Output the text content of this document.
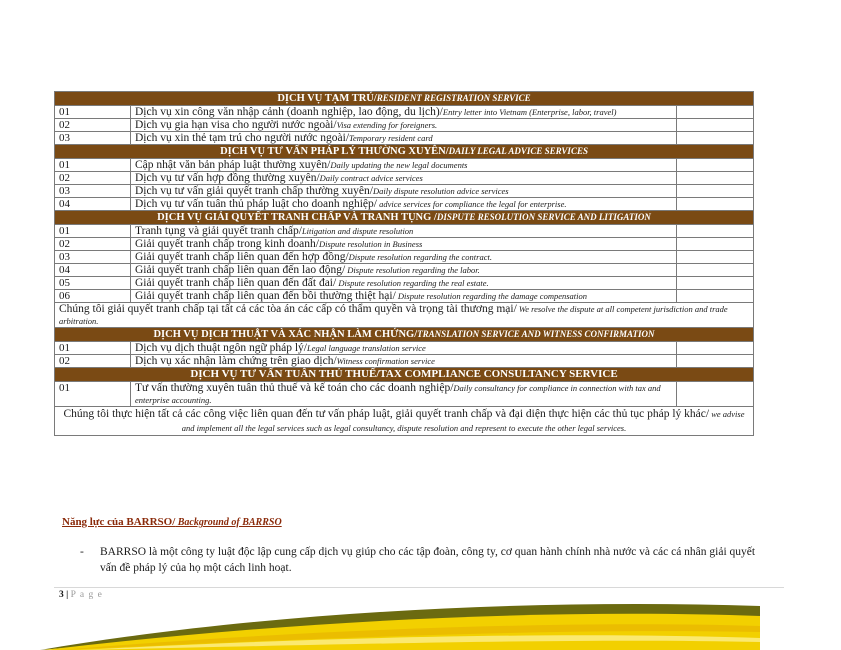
DỊCH VỤ TẠM TRÚ/RESIDENT REGISTRATION SERVICE		
01	Dịch vụ xin công văn nhập cảnh (doanh nghiệp, lao động, du lịch)/Entry letter into Vietnam (Enterprise, labor, travel)	
02	Dịch vụ gia hạn visa cho người nước ngoài/Visa extending for foreigners.	
03	Dịch vụ xin thẻ tạm trú cho người nước ngoài/Temporary resident card	
DỊCH VỤ TƯ VẤN PHÁP LÝ THƯỜNG XUYÊN/DAILY LEGAL ADVICE SERVICES		
01	Cập nhật văn bản pháp luật thường xuyên/Daily updating the new legal documents	
02	Dịch vụ tư vấn hợp đồng thường xuyên/Daily contract advice services	
03	Dịch vụ tư vấn giải quyết tranh chấp thường xuyên/Daily dispute resolution advice services	
04	Dịch vụ tư vấn tuân thủ pháp luật cho doanh nghiệp/ advice services for compliance the legal for enterprise.	
DỊCH VỤ GIẢI QUYẾT TRANH CHẤP VÀ TRANH TỤNG /DISPUTE RESOLUTION SERVICE AND LITIGATION		
01	Tranh tụng và giải quyết tranh chấp/Litigation and dispute resolution	
02	Giải quyết tranh chấp trong kinh doanh/Dispute resolution in Business	
03	Giải quyết tranh chấp liên quan đến hợp đồng/Dispute resolution regarding the contract.	
04	Giải quyết tranh chấp liên quan đến lao động/ Dispute resolution regarding the labor.	
05	Giải quyết tranh chấp liên quan đến đất đai/ Dispute resolution regarding the real estate.	
06	Giải quyết tranh chấp liên quan đến bồi thường thiệt hại/ Dispute resolution regarding the damage compensation	
Chúng tôi giải quyết tranh chấp tại tất cả các tòa án các cấp có thẩm quyền và trọng tài thương mại/ We resolve the dispute at all competent jurisdiction and trade arbitration.		
DỊCH VỤ DỊCH THUẬT VÀ XÁC NHẬN LÀM CHỨNG/TRANSLATION SERVICE AND WITNESS CONFIRMATION		
01	Dịch vụ dịch thuật ngôn ngữ pháp lý/Legal language translation service	
02	Dịch vụ xác nhận làm chứng trên giao dịch/Witness confirmation service	
DỊCH VỤ TƯ VẤN TUÂN THỦ THUẾ/TAX COMPLIANCE CONSULTANCY SERVICE		
01	Tư vấn thường xuyên tuân thủ thuế và kế toán cho các doanh nghiệp/Daily consultancy for compliance in connection with tax and enterprise accounting.	
Chúng tôi thực hiện tất cả các công việc liên quan đến tư vấn pháp luật, giải quyết tranh chấp và đại diện thực hiện các thủ tục pháp lý khác/ we advise and implement all the legal services such as legal consultancy, dispute resolution and represent to execute the other legal services.		
Năng lực của BARRSO/ Background of BARRSO
- BARRSO là một công ty luật độc lập cung cấp dịch vụ giúp cho các tập đoàn, công ty, cơ quan hành chính nhà nước và các cá nhân giải quyết vấn đề pháp lý của họ một cách linh hoạt.
3 | P a g e
